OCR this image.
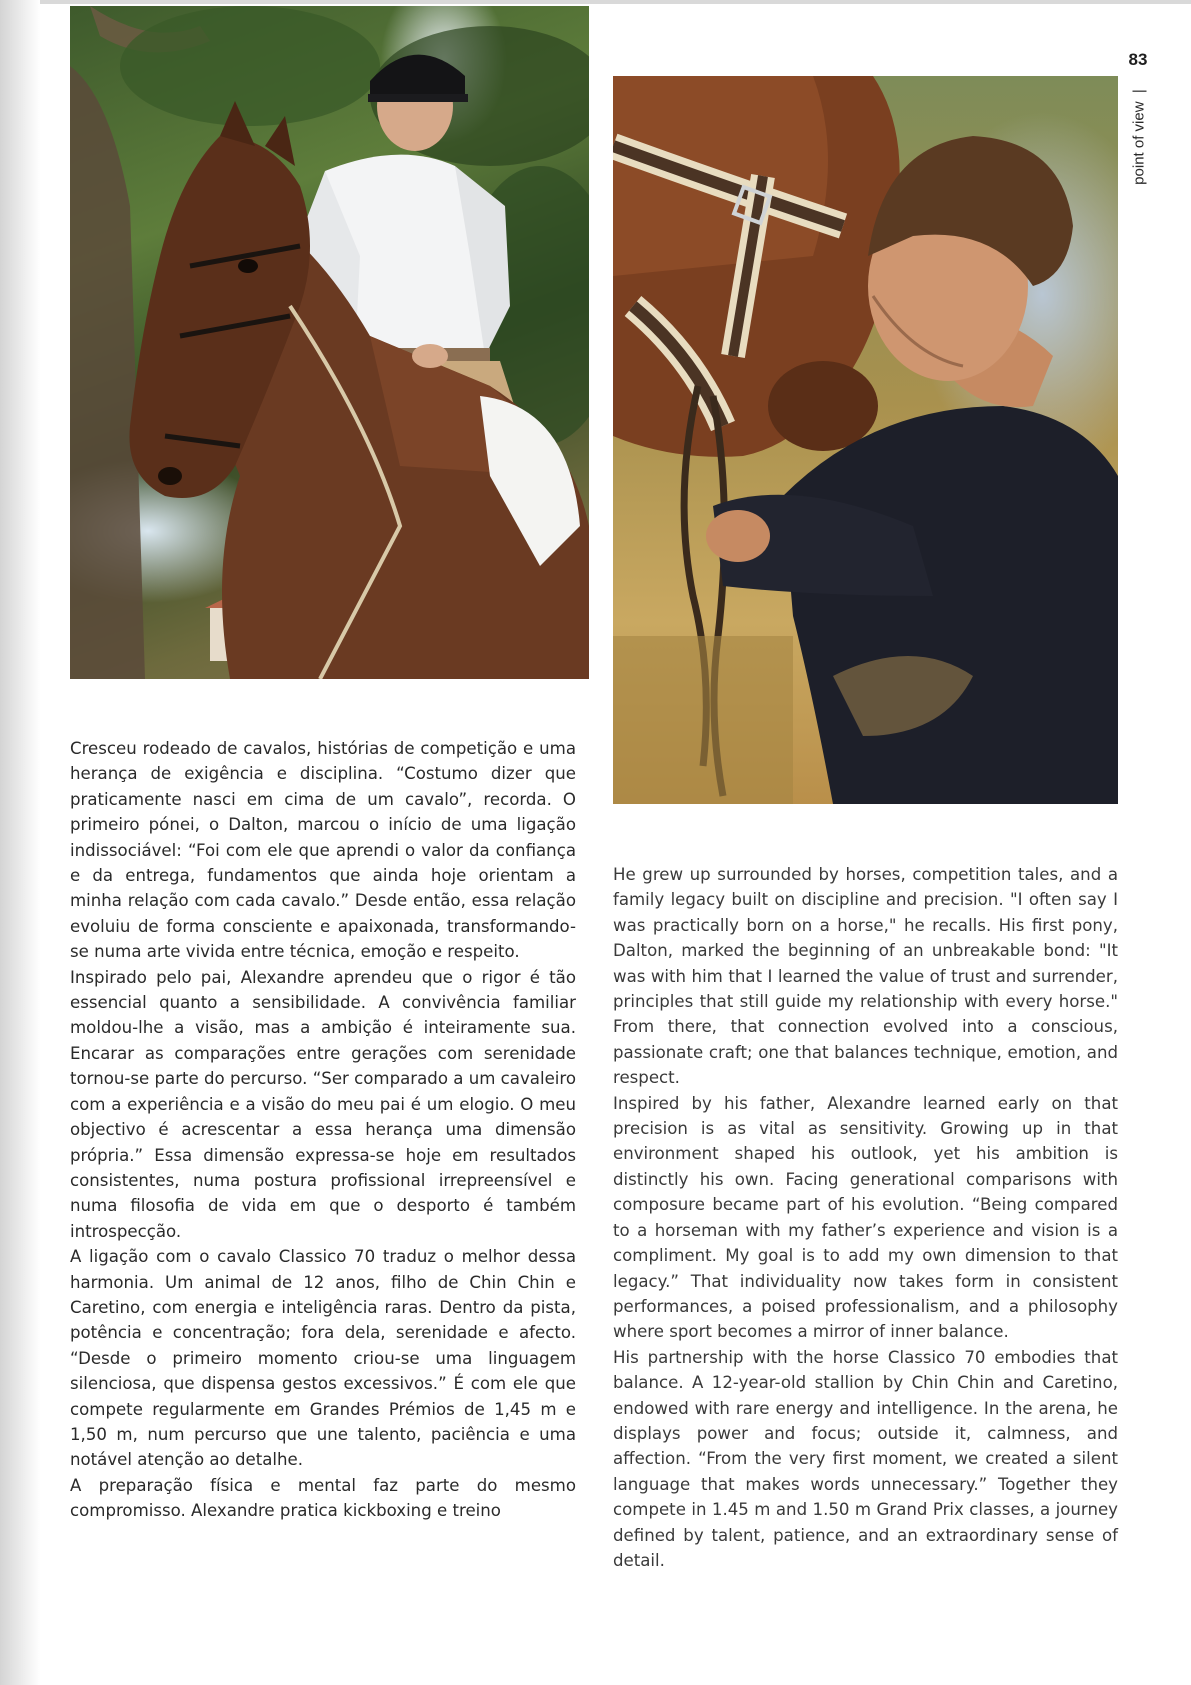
83
point of view  |

Cresceu rodeado de cavalos, histórias de competição e uma herança de exigência e disciplina. “Costumo dizer que praticamente nasci em cima de um cavalo”, recorda. O primeiro pónei, o Dalton, marcou o início de uma ligação indissociável: “Foi com ele que aprendi o valor da confiança e da entrega, fundamentos que ainda hoje orientam a minha relação com cada cavalo.” Desde então, essa relação evoluiu de forma consciente e apaixonada, transformando-se numa arte vivida entre técnica, emoção e respeito.

Inspirado pelo pai, Alexandre aprendeu que o rigor é tão essencial quanto a sensibilidade. A convivência familiar moldou-lhe a visão, mas a ambição é inteiramente sua. Encarar as comparações entre gerações com serenidade tornou-se parte do percurso. “Ser comparado a um cavaleiro com a experiência e a visão do meu pai é um elogio. O meu objectivo é acrescentar a essa herança uma dimensão própria.” Essa dimensão expressa-se hoje em resultados consistentes, numa postura profissional irrepreensível e numa filosofia de vida em que o desporto é também introspecção.

A ligação com o cavalo Classico 70 traduz o melhor dessa harmonia. Um animal de 12 anos, filho de Chin Chin e Caretino, com energia e inteligência raras. Dentro da pista, potência e concentração; fora dela, serenidade e afecto. “Desde o primeiro momento criou-se uma linguagem silenciosa, que dispensa gestos excessivos.” É com ele que compete regularmente em Grandes Prémios de 1,45 m e 1,50 m, num percurso que une talento, paciência e uma notável atenção ao detalhe.

A preparação física e mental faz parte do mesmo compromisso. Alexandre pratica kickboxing e treino

He grew up surrounded by horses, competition tales, and a family legacy built on discipline and precision. "I often say I was practically born on a horse," he recalls. His first pony, Dalton, marked the beginning of an unbreakable bond: "It was with him that I learned the value of trust and surrender, principles that still guide my relationship with every horse." From there, that connection evolved into a conscious, passionate craft; one that balances technique, emotion, and respect.

Inspired by his father, Alexandre learned early on that precision is as vital as sensitivity. Growing up in that environment shaped his outlook, yet his ambition is distinctly his own. Facing generational comparisons with composure became part of his evolution. “Being compared to a horseman with my father’s experience and vision is a compliment. My goal is to add my own dimension to that legacy.” That individuality now takes form in consistent performances, a poised professionalism, and a philosophy where sport becomes a mirror of inner balance.

His partnership with the horse Classico 70 embodies that balance. A 12-year-old stallion by Chin Chin and Caretino, endowed with rare energy and intelligence. In the arena, he displays power and focus; outside it, calmness, and affection. “From the very first moment, we created a silent language that makes words unnecessary.” Together they compete in 1.45 m and 1.50 m Grand Prix classes, a journey defined by talent, patience, and an extraordinary sense of detail.
